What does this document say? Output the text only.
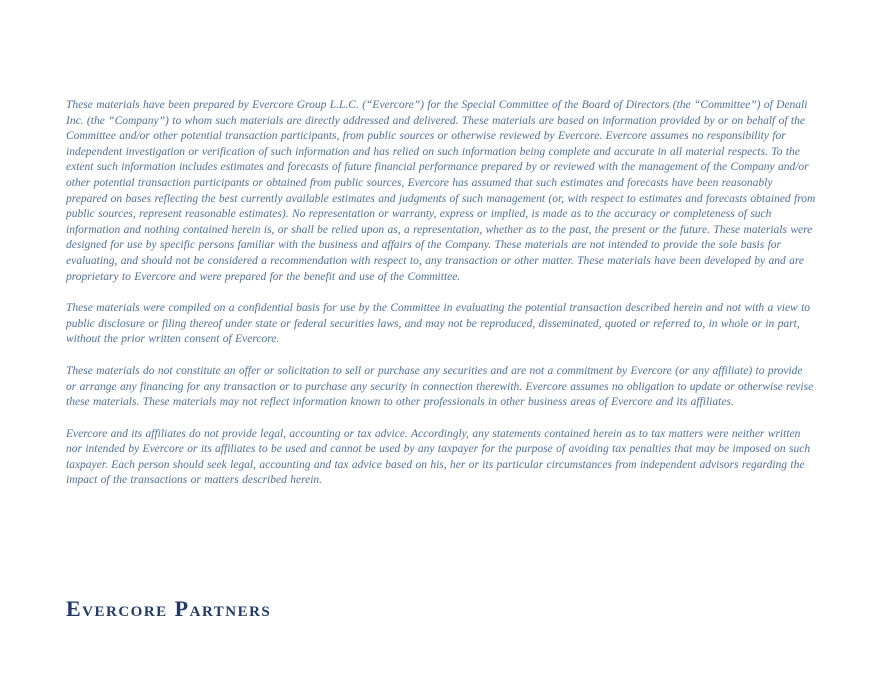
These materials have been prepared by Evercore Group L.L.C. (“Evercore”) for the Special Committee of the Board of Directors (the “Committee”) of Denali Inc. (the “Company”) to whom such materials are directly addressed and delivered. These materials are based on information provided by or on behalf of the Committee and/or other potential transaction participants, from public sources or otherwise reviewed by Evercore. Evercore assumes no responsibility for independent investigation or verification of such information and has relied on such information being complete and accurate in all material respects. To the extent such information includes estimates and forecasts of future financial performance prepared by or reviewed with the management of the Company and/or other potential transaction participants or obtained from public sources, Evercore has assumed that such estimates and forecasts have been reasonably prepared on bases reflecting the best currently available estimates and judgments of such management (or, with respect to estimates and forecasts obtained from public sources, represent reasonable estimates). No representation or warranty, express or implied, is made as to the accuracy or completeness of such information and nothing contained herein is, or shall be relied upon as, a representation, whether as to the past, the present or the future. These materials were designed for use by specific persons familiar with the business and affairs of the Company. These materials are not intended to provide the sole basis for evaluating, and should not be considered a recommendation with respect to, any transaction or other matter. These materials have been developed by and are proprietary to Evercore and were prepared for the benefit and use of the Committee.

These materials were compiled on a confidential basis for use by the Committee in evaluating the potential transaction described herein and not with a view to public disclosure or filing thereof under state or federal securities laws, and may not be reproduced, disseminated, quoted or referred to, in whole or in part, without the prior written consent of Evercore.

These materials do not constitute an offer or solicitation to sell or purchase any securities and are not a commitment by Evercore (or any affiliate) to provide or arrange any financing for any transaction or to purchase any security in connection therewith. Evercore assumes no obligation to update or otherwise revise these materials. These materials may not reflect information known to other professionals in other business areas of Evercore and its affiliates.

Evercore and its affiliates do not provide legal, accounting or tax advice. Accordingly, any statements contained herein as to tax matters were neither written nor intended by Evercore or its affiliates to be used and cannot be used by any taxpayer for the purpose of avoiding tax penalties that may be imposed on such taxpayer. Each person should seek legal, accounting and tax advice based on his, her or its particular circumstances from independent advisors regarding the impact of the transactions or matters described herein.

Evercore Partners
